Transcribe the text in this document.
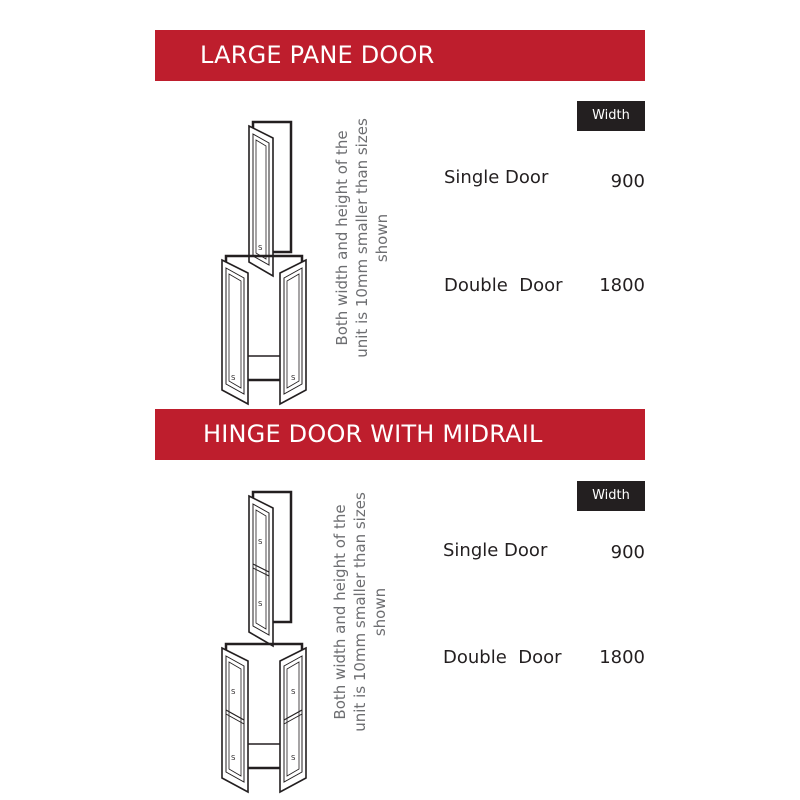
LARGE PANE DOOR
Width
S
S	S
Both width and height of the unit is 10mm smaller than sizes shown
Single Door	900
Double  Door 1800
HINGE DOOR WITH MIDRAIL
Width
S
S
S
S
S
S
Both width and height of the unit is 10mm smaller than sizes shown
Single Door	900
Double  Door 1800
